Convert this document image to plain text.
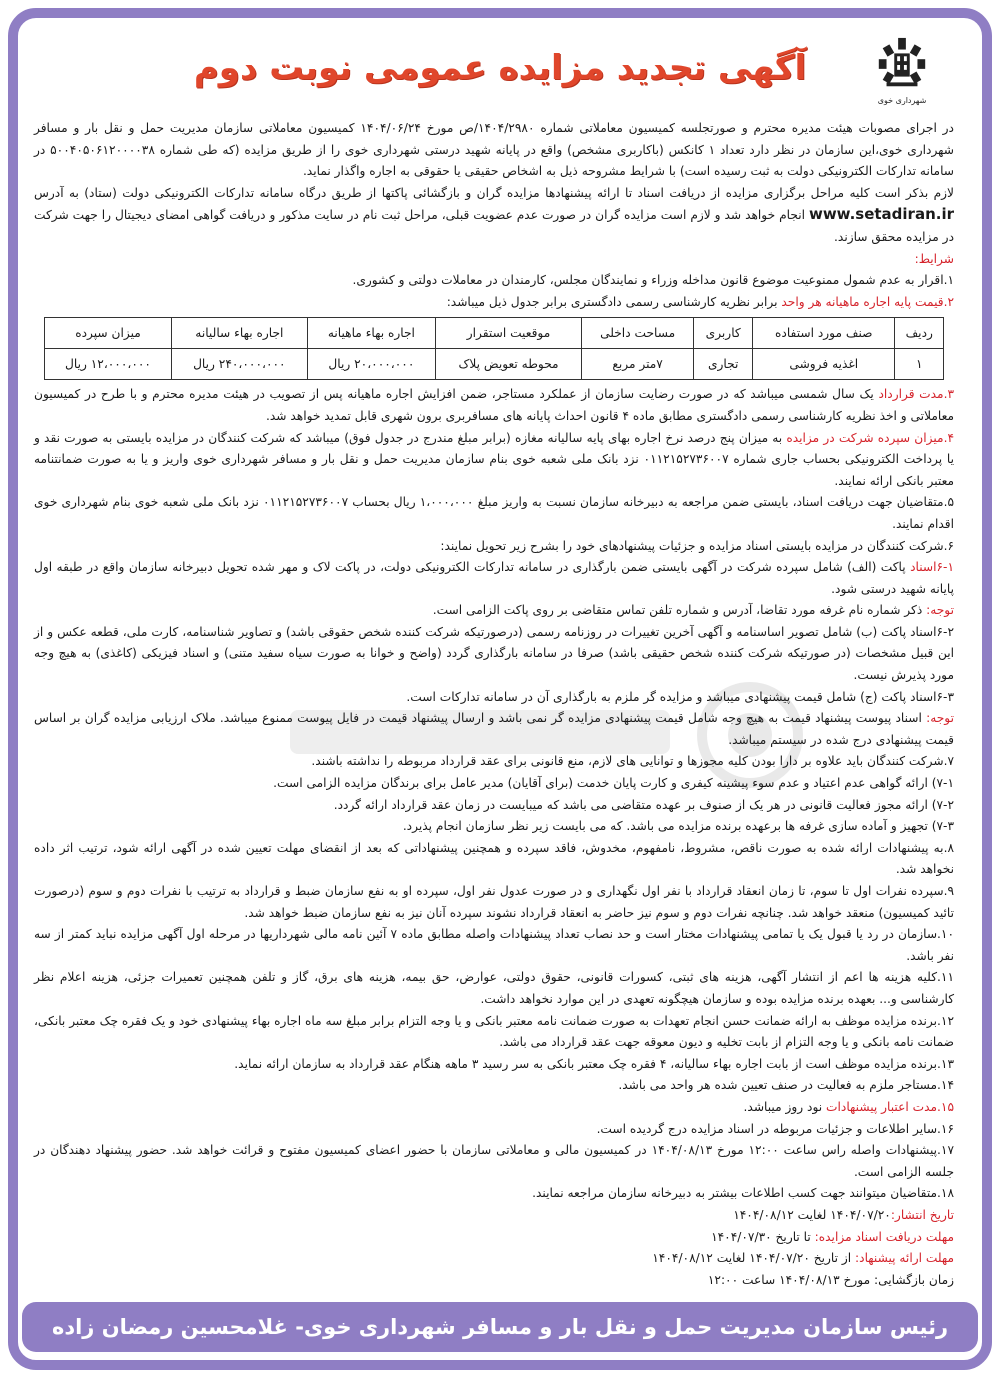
آگهی تجدید مزایده عمومی نوبت دوم
شهرداری خوی

در اجرای مصوبات هیئت مدیره محترم و صورتجلسه کمیسیون معاملاتی شماره ۱۴۰۴/۲۹۸۰/ص مورخ ۱۴۰۴/۰۶/۲۴ کمیسیون معاملاتی سازمان مدیریت حمل و نقل بار و مسافر شهرداری خوی،این سازمان در نظر دارد تعداد ۱ کانکس (باکاربری مشخص) واقع در پایانه شهید درستی شهرداری خوی را از طریق مزایده (که طی شماره ۵۰۰۴۰۵۰۶۱۲۰۰۰۰۳۸ در سامانه تدارکات الکترونیکی دولت به ثبت رسیده است) با شرایط مشروحه ذیل به اشخاص حقیقی یا حقوقی به اجاره واگذار نماید.

لازم بذکر است کلیه مراحل برگزاری مزایده از دریافت اسناد تا ارائه پیشنهادها مزایده گران و بازگشائی پاکتها از طریق درگاه سامانه تدارکات الکترونیکی دولت (ستاد) به آدرس www.setadiran.ir انجام خواهد شد و لازم است مزایده گران در صورت عدم عضویت قبلی، مراحل ثبت نام در سایت مذکور و دریافت گواهی امضای دیجیتال را جهت شرکت در مزایده محقق سازند.

شرایط:

۱.اقرار به عدم شمول ممنوعیت موضوع قانون مداخله وزراء و نمایندگان مجلس، کارمندان در معاملات دولتی و کشوری.

۲.قیمت پایه اجاره ماهیانه هر واحد برابر نظریه کارشناسی رسمی دادگستری برابر جدول ذیل میباشد:

ردیف	صنف مورد استفاده	کاربری	مساحت داخلی	موقعیت استقرار	اجاره بهاء ماهیانه	اجاره بهاء سالیانه	میزان سپرده
۱	اغذیه فروشی	تجاری	۷متر مربع	محوطه تعویض پلاک	۲۰،۰۰۰،۰۰۰ ریال	۲۴۰،۰۰۰،۰۰۰ ریال	۱۲،۰۰۰،۰۰۰ ریال

۳.مدت قرارداد یک سال شمسی میباشد که در صورت رضایت سازمان از عملکرد مستاجر، ضمن افزایش اجاره ماهیانه پس از تصویب در هیئت مدیره محترم و با طرح در کمیسیون معاملاتی و اخذ نظریه کارشناسی رسمی دادگستری مطابق ماده ۴ قانون احداث پایانه های مسافربری برون شهری قابل تمدید خواهد شد.

۴.میزان سپرده شرکت در مزایده به میزان پنج درصد نرخ اجاره بهای پایه سالیانه مغازه (برابر مبلغ مندرج در جدول فوق) میباشد که شرکت کنندگان در مزایده بایستی به صورت نقد و یا پرداخت الکترونیکی بحساب جاری شماره ۰۱۱۲۱۵۲۷۳۶۰۰۷ نزد بانک ملی شعبه خوی بنام سازمان مدیریت حمل و نقل بار و مسافر شهرداری خوی واریز و یا به صورت ضمانتنامه معتبر بانکی ارائه نمایند.

۵.متقاضیان جهت دریافت اسناد، بایستی ضمن مراجعه به دبیرخانه سازمان نسبت به واریز مبلغ ۱،۰۰۰،۰۰۰ ریال بحساب ۰۱۱۲۱۵۲۷۳۶۰۰۷ نزد بانک ملی شعبه خوی بنام شهرداری خوی اقدام نمایند.

۶.شرکت کنندگان در مزایده بایستی اسناد مزایده و جزئیات پیشنهادهای خود را بشرح زیر تحویل نمایند:

۶-۱اسناد پاکت (الف) شامل سپرده شرکت در آگهی بایستی ضمن بارگذاری در سامانه تدارکات الکترونیکی دولت، در پاکت لاک و مهر شده تحویل دبیرخانه سازمان واقع در طبقه اول پایانه شهید درستی شود.

توجه: ذکر شماره نام غرفه مورد تقاضا، آدرس و شماره تلفن تماس متقاضی بر روی پاکت الزامی است.

۶-۲اسناد پاکت (ب) شامل تصویر اساسنامه و آگهی آخرین تغییرات در روزنامه رسمی (درصورتیکه شرکت کننده شخص حقوقی باشد) و تصاویر شناسنامه، کارت ملی، قطعه عکس و از این قبیل مشخصات (در صورتیکه شرکت کننده شخص حقیقی باشد) صرفا در سامانه بارگذاری گردد (واضح و خوانا به صورت سیاه سفید متنی) و اسناد فیزیکی (کاغذی) به هیچ وجه مورد پذیرش نیست.

۶-۳اسناد پاکت (ج) شامل قیمت پیشنهادی میباشد و مزایده گر ملزم به بارگذاری آن در سامانه تدارکات است.

توجه: اسناد پیوست پیشنهاد قیمت به هیچ وجه شامل قیمت پیشنهادی مزایده گر نمی باشد و ارسال پیشنهاد قیمت در فایل پیوست ممنوع میباشد. ملاک ارزیابی مزایده گران بر اساس قیمت پیشنهادی درج شده در سیستم میباشد.

۷.شرکت کنندگان باید علاوه بر دارا بودن کلیه مجوزها و توانایی های لازم، منع قانونی برای عقد قرارداد مربوطه را نداشته باشند.

۷-۱) ارائه گواهی عدم اعتیاد و عدم سوء پیشینه کیفری و کارت پایان خدمت (برای آقایان) مدیر عامل برای برندگان مزایده الزامی است.

۷-۲) ارائه مجوز فعالیت قانونی در هر یک از صنوف بر عهده متقاضی می باشد که میبایست در زمان عقد قرارداد ارائه گردد.

۷-۳) تجهیز و آماده سازی غرفه ها برعهده برنده مزایده می باشد. که می بایست زیر نظر سازمان انجام پذیرد.

۸.به پیشنهادات ارائه شده به صورت ناقص، مشروط، نامفهوم، مخدوش، فاقد سپرده و همچنین پیشنهاداتی که بعد از انقضای مهلت تعیین شده در آگهی ارائه شود، ترتیب اثر داده نخواهد شد.

۹.سپرده نفرات اول تا سوم، تا زمان انعقاد قرارداد با نفر اول نگهداری و در صورت عدول نفر اول، سپرده او به نفع سازمان ضبط و قرارداد به ترتیب با نفرات دوم و سوم (درصورت تائید کمیسیون) منعقد خواهد شد. چنانچه نفرات دوم و سوم نیز حاضر به انعقاد قرارداد نشوند سپرده آنان نیز به نفع سازمان ضبط خواهد شد.

۱۰.سازمان در رد یا قبول یک یا تمامی پیشنهادات مختار است و حد نصاب تعداد پیشنهادات واصله مطابق ماده ۷ آئین نامه مالی شهرداریها در مرحله اول آگهی مزایده نباید کمتر از سه نفر باشد.

۱۱.کلیه هزینه ها اعم از انتشار آگهی، هزینه های ثبتی، کسورات قانونی، حقوق دولتی، عوارض، حق بیمه، هزینه های برق، گاز و تلفن همچنین تعمیرات جزئی، هزینه اعلام نظر کارشناسی و... بعهده برنده مزایده بوده و سازمان هیچگونه تعهدی در این موارد نخواهد داشت.

۱۲.برنده مزایده موظف به ارائه ضمانت حسن انجام تعهدات به صورت ضمانت نامه معتبر بانکی و یا وجه التزام برابر مبلغ سه ماه اجاره بهاء پیشنهادی خود و یک فقره چک معتبر بانکی، ضمانت نامه بانکی و یا وجه التزام از بابت تخلیه و دیون معوقه جهت عقد قرارداد می باشد.

۱۳.برنده مزایده موظف است از بابت اجاره بهاء سالیانه، ۴ فقره چک معتبر بانکی به سر رسید ۳ ماهه هنگام عقد قرارداد به سازمان ارائه نماید.

۱۴.مستاجر ملزم به فعالیت در صنف تعیین شده هر واحد می باشد.

۱۵.مدت اعتبار پیشنهادات نود روز میباشد.

۱۶.سایر اطلاعات و جزئیات مربوطه در اسناد مزایده درج گردیده است.

۱۷.پیشنهادات واصله راس ساعت ۱۲:۰۰ مورخ ۱۴۰۴/۰۸/۱۳ در کمیسیون مالی و معاملاتی سازمان با حضور اعضای کمیسیون مفتوح و قرائت خواهد شد. حضور پیشنهاد دهندگان در جلسه الزامی است.

۱۸.متقاضیان میتوانند جهت کسب اطلاعات بیشتر به دبیرخانه سازمان مراجعه نمایند.

تاریخ انتشار:۱۴۰۴/۰۷/۲۰ لغایت ۱۴۰۴/۰۸/۱۲

مهلت دریافت اسناد مزایده: تا تاریخ ۱۴۰۴/۰۷/۳۰

مهلت ارائه پیشنهاد: از تاریخ ۱۴۰۴/۰۷/۲۰ لغایت ۱۴۰۴/۰۸/۱۲

زمان بازگشایی: مورخ ۱۴۰۴/۰۸/۱۳ ساعت ۱۲:۰۰

رئیس سازمان مدیریت حمل و نقل بار و مسافر شهرداری خوی- غلامحسین رمضان زاده
